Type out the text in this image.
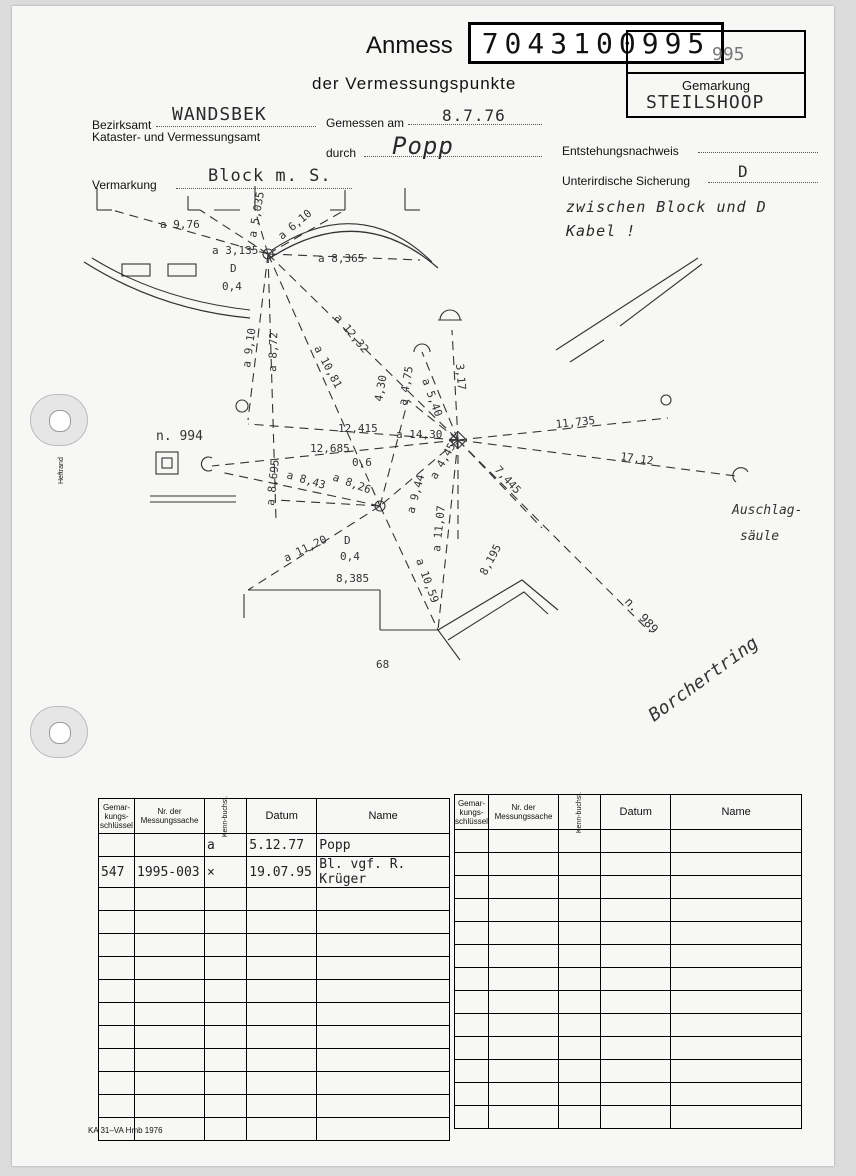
Anmess	7043100995 995
der Vermessungspunkte	Gemarkung
STEILSHOOP
Bezirksamt WANDSBEK
Kataster- und Vermessungsamt
Gemessen am 8.7.76
durch Popp	Entstehungsnachweis
Vermarkung	Block m. S.	Unterirdische Sicherung	D
zwischen Block und D
Kabel !
Heftrand
a 9,76
a 3,135
a 5,035 a 6,10
a 8,365
D
0,4
a 9,10 a 8,72	a 12,32
a 10,81	4,30 a 4,75 a 5,40 3,17
11,735
17,12
n. 994
12,415 a 14,30
12,685
0,6
a 8,26
a 8,43
a 8,695
a 4,455	7,445
a 9,44
a 11,07
a 11,20 D
0,4
8,385	a 10,59	8,195
n. 989
68
Auschlag-
säule
Borchertring
Gemar-kungs-schlüssel	Nr. der Messungssache	Kenn-buchst.	Datum	Name
		a	5.12.77	Popp
547	1995-003	×	19.07.95	Bl. vgf. R. Krüger

Gemar-kungs-schlüssel	Nr. der Messungssache	Kenn-buchst.	Datum	Name

KA 31–VA Hmb 1976
